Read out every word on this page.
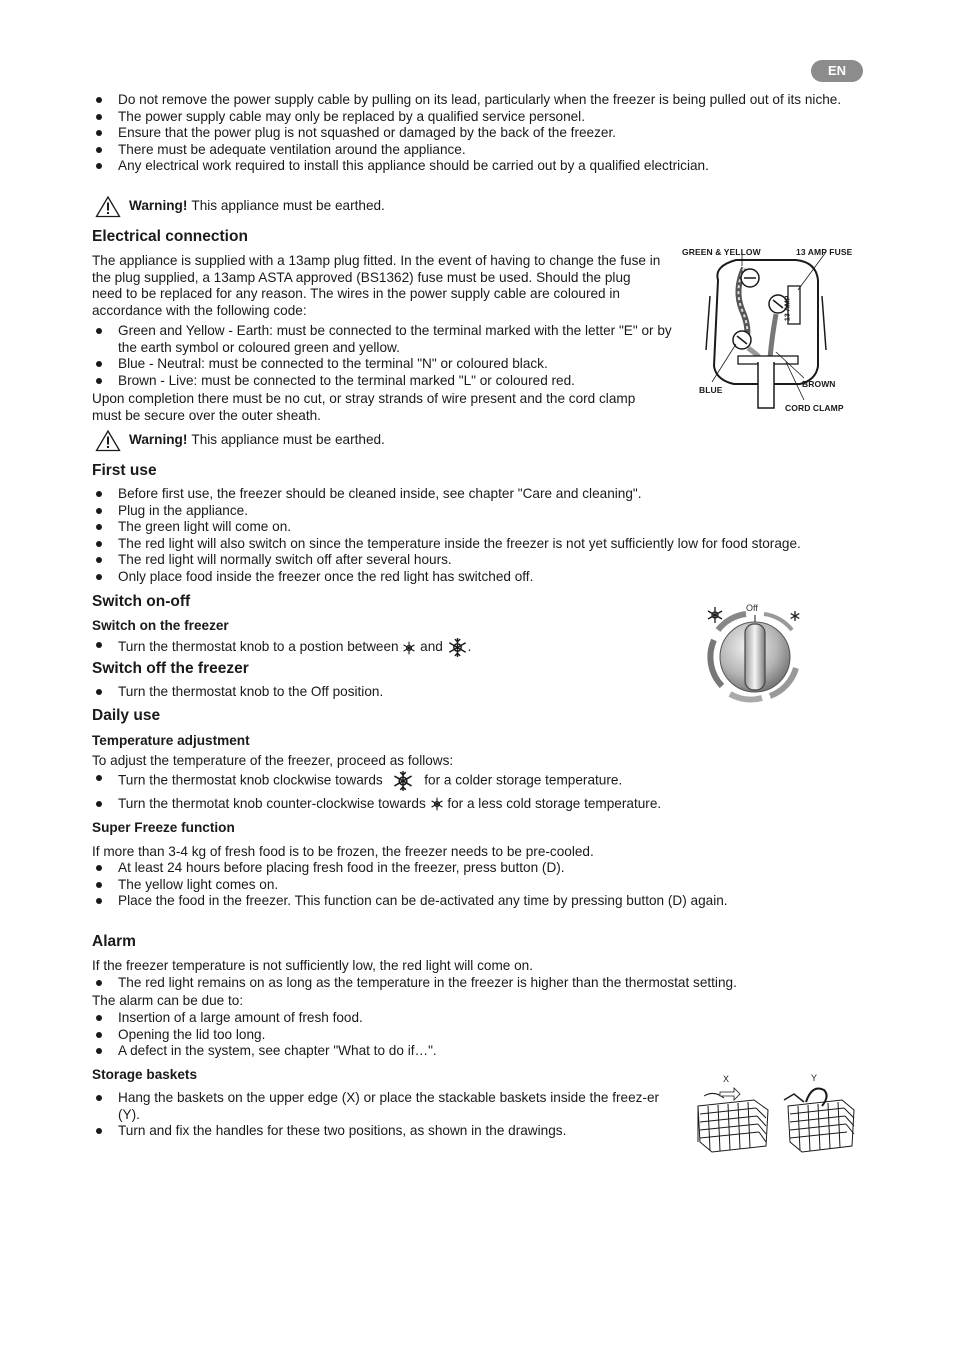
EN
Do not remove the power supply cable by pulling on its lead, particularly when the freezer is being pulled out of its niche.
The power supply cable may only be replaced by a qualified service personel.
Ensure that the power plug is not squashed or damaged by the back of the freezer.
There must be adequate ventilation around the appliance.
Any electrical work required to install this appliance should be carried out by a qualified electrician.
Warning! This appliance must be earthed.
Electrical connection

The appliance is supplied with a 13amp plug fitted. In the event of having to change the fuse in the plug supplied, a 13amp ASTA approved (BS1362) fuse must be used. Should the plug need to be replaced for any reason. The wires in the power supply cable are coloured in accordance with the following code:

Green and Yellow - Earth: must be connected to the terminal marked with the letter "E" or by the earth symbol or coloured green and yellow.
Blue - Neutral: must be connected to the terminal "N" or coloured black.
Brown - Live: must be connected to the terminal marked "L" or coloured red.

Upon completion there must be no cut, or stray strands of wire present and the cord clamp must be secure over the outer sheath.

GREEN & YELLOW	13 AMP FUSE
13 AMP
BLUE
BROWN
CORD CLAMP
Warning! This appliance must be earthed.
First use
Before first use, the freezer should be cleaned inside, see chapter "Care and cleaning".
Plug in the appliance.
The green light will come on.
The red light will also switch on since the temperature inside the freezer is not yet sufficiently low for food storage.
The red light will normally switch off after several hours.
Only place food inside the freezer once the red light has switched off.
Switch on-off
Switch on the freezer
Turn the thermostat knob to a postion between and .
Switch off the freezer
Turn the thermostat knob to the Off position.
Off
Daily use
Temperature adjustment

To adjust the temperature of the freezer, proceed as follows:

Turn the thermostat knob clockwise towards	for a colder storage temperature.
Turn the thermotat knob counter-clockwise towards for a less cold storage temperature.
Super Freeze function

If more than 3-4 kg of fresh food is to be frozen, the freezer needs to be pre-cooled.

At least 24 hours before placing fresh food in the freezer, press button (D).
The yellow light comes on.
Place the food in the freezer. This function can be de-activated any time by pressing button (D) again.
Alarm

If the freezer temperature is not sufficiently low, the red light will come on.

The red light remains on as long as the temperature in the freezer is higher than the thermostat setting.

The alarm can be due to:

Insertion of a large amount of fresh food.
Opening the lid too long.
A defect in the system, see chapter "What to do if…".
Storage baskets
Hang the baskets on the upper edge (X) or place the stackable baskets inside the freez-er (Y).
Turn and fix the handles for these two positions, as shown in the drawings.
X	Y
